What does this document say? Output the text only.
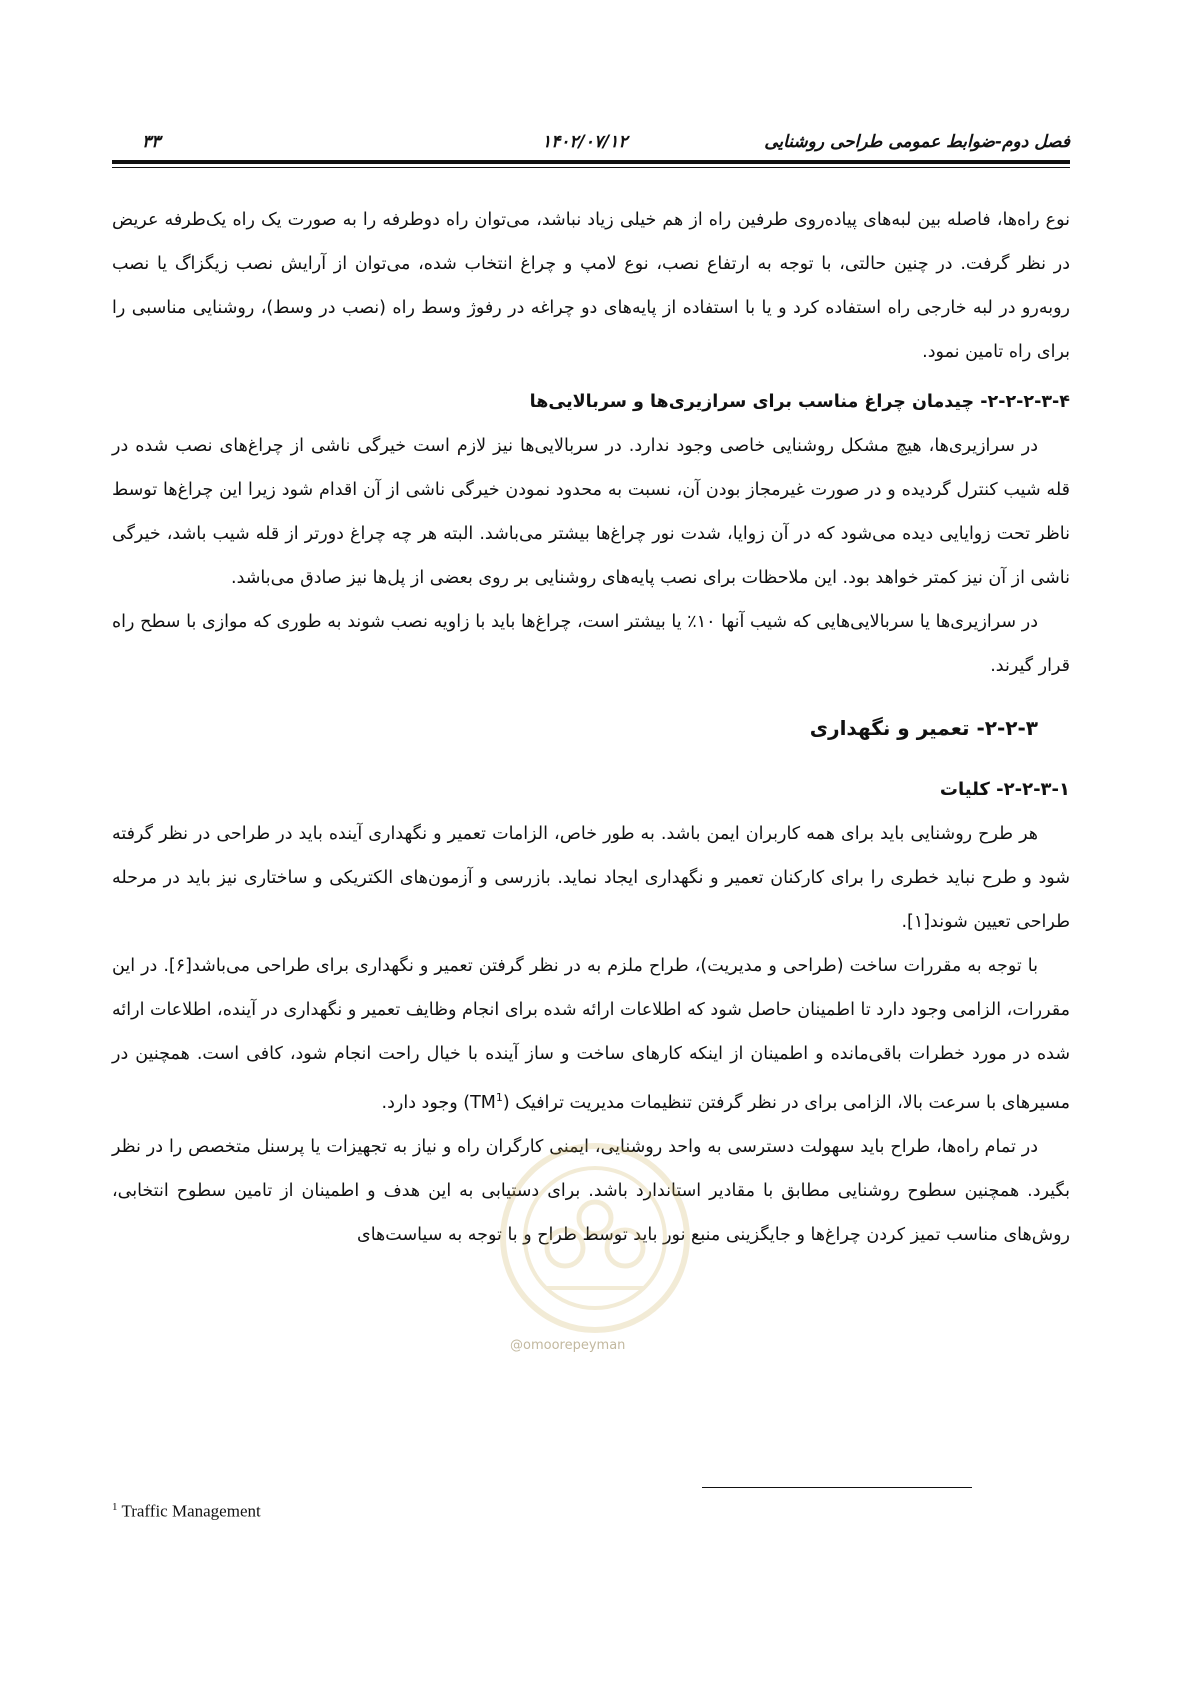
۳۳	۱۴۰۲/۰۷/۱۲	فصل دوم-ضوابط عمومی طراحی روشنایی

نوع راه‌ها، فاصله بین لبه‌های پیاده‌روی طرفین راه از هم خیلی زیاد نباشد، می‌توان راه دوطرفه را به صورت یک راه یک‌طرفه عریض در نظر گرفت. در چنین حالتی، با توجه به ارتفاع نصب، نوع لامپ و چراغ انتخاب شده، می‌توان از آرایش نصب زیگزاگ یا نصب روبه‌رو در لبه خارجی راه استفاده کرد و یا با استفاده از پایه‌های دو چراغه در رفوژ وسط راه (نصب در وسط)، روشنایی مناسبی را برای راه تامین نمود.

۲-۲-۲-۳-۴- چیدمان چراغ مناسب برای سرازیری‌ها و سربالایی‌ها

در سرازیری‌ها، هیچ مشکل روشنایی خاصی وجود ندارد. در سربالایی‌ها نیز لازم است خیرگی ناشی از چراغ‌های نصب شده در قله شیب کنترل گردیده و در صورت غیرمجاز بودن آن، نسبت به محدود نمودن خیرگی ناشی از آن اقدام شود زیرا این چراغ‌ها توسط ناظر تحت زوایایی دیده می‌شود که در آن زوایا، شدت نور چراغ‌ها بیشتر می‌باشد. البته هر چه چراغ دورتر از قله شیب باشد، خیرگی ناشی از آن نیز کمتر خواهد بود. این ملاحظات برای نصب پایه‌های روشنایی بر روی بعضی از پل‌ها نیز صادق می‌باشد.

در سرازیری‌ها یا سربالایی‌هایی که شیب آنها ۱۰٪ یا بیشتر است، چراغ‌ها باید با زاویه نصب شوند به طوری که موازی با سطح راه قرار گیرند.

۲-۲-۳- تعمیر و نگهداری
۲-۲-۳-۱- کلیات

هر طرح روشنایی باید برای همه کاربران ایمن باشد. به طور خاص، الزامات تعمیر و نگهداری آینده باید در طراحی در نظر گرفته شود و طرح نباید خطری را برای کارکنان تعمیر و نگهداری ایجاد نماید. بازرسی و آزمون‌های الکتریکی و ساختاری نیز باید در مرحله طراحی تعیین شوند[۱].

با توجه به مقررات ساخت (طراحی و مدیریت)، طراح ملزم به در نظر گرفتن تعمیر و نگهداری برای طراحی می‌باشد[۶]. در این مقررات، الزامی وجود دارد تا اطمینان حاصل شود که اطلاعات ارائه شده برای انجام وظایف تعمیر و نگهداری در آینده، اطلاعات ارائه شده در مورد خطرات باقی‌مانده و اطمینان از اینکه کارهای ساخت و ساز آینده با خیال راحت انجام شود، کافی است. همچنین در مسیرهای با سرعت بالا، الزامی برای در نظر گرفتن تنظیمات مدیریت ترافیک $(TM^1)$ وجود دارد.

در تمام راه‌ها، طراح باید سهولت دسترسی به واحد روشنایی، ایمنی کارگران راه و نیاز به تجهیزات یا پرسنل متخصص را در نظر بگیرد. همچنین سطوح روشنایی مطابق با مقادیر استاندارد باشد. برای دستیابی به این هدف و اطمینان از تامین سطوح انتخابی، روش‌های مناسب تمیز کردن چراغ‌ها و جایگزینی منبع نور باید توسط طراح و با توجه به سیاست‌های

@omoorepeyman
$^1$ Traffic Management
